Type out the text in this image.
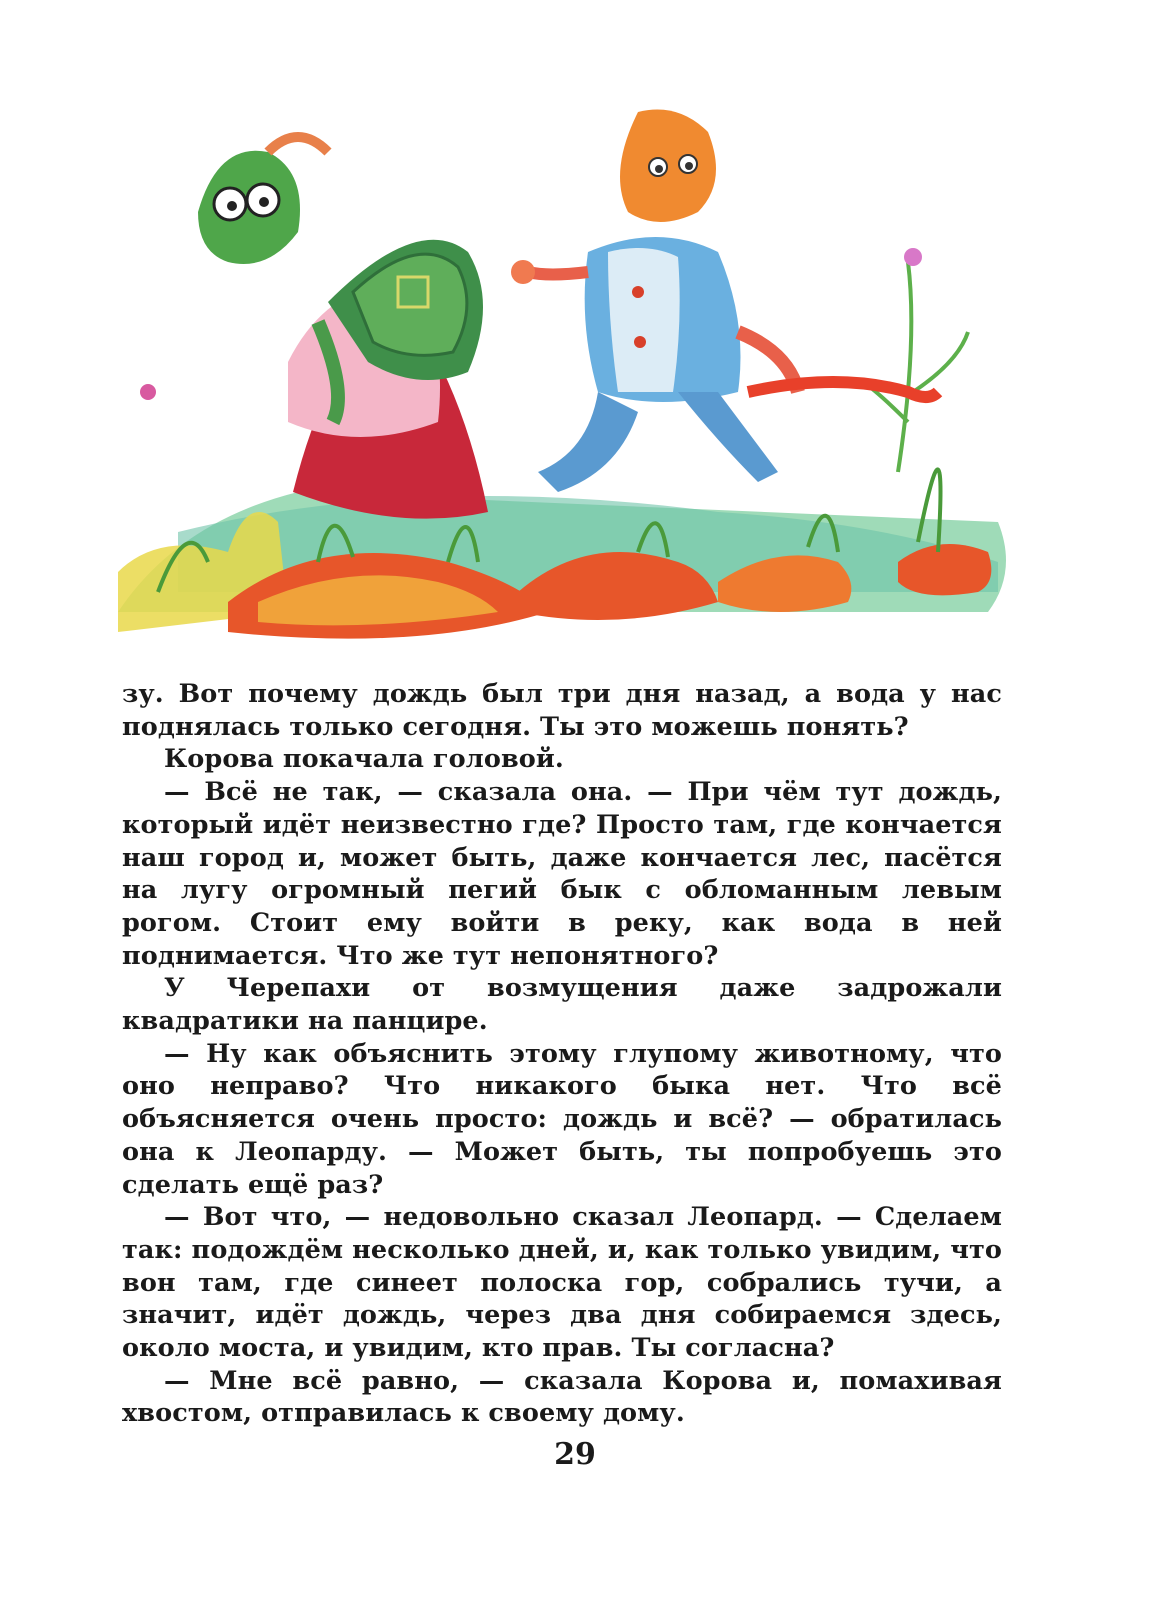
зу. Вот почему дождь был три дня назад, а вода у нас поднялась только сегодня. Ты это можешь понять?

Корова покачала головой.

— Всё не так, — сказала она. — При чём тут дождь, который идёт неизвестно где? Просто там, где кончается наш город и, может быть, даже кончается лес, пасётся на лугу огромный пегий бык с обломанным левым рогом. Стоит ему войти в реку, как вода в ней поднимается. Что же тут непонятного?

У Черепахи от возмущения даже задрожали квадратики на панцире.

— Ну как объяснить этому глупому животному, что оно неправо? Что никакого быка нет. Что всё объясняется очень просто: дождь и всё? — обратилась она к Леопарду. — Может быть, ты попробуешь это сделать ещё раз?

— Вот что, — недовольно сказал Леопард. — Сделаем так: подождём несколько дней, и, как только увидим, что вон там, где синеет полоска гор, собрались тучи, а значит, идёт дождь, через два дня собираемся здесь, около моста, и увидим, кто прав. Ты согласна?

— Мне всё равно, — сказала Корова и, помахивая хвостом, отправилась к своему дому.

29
